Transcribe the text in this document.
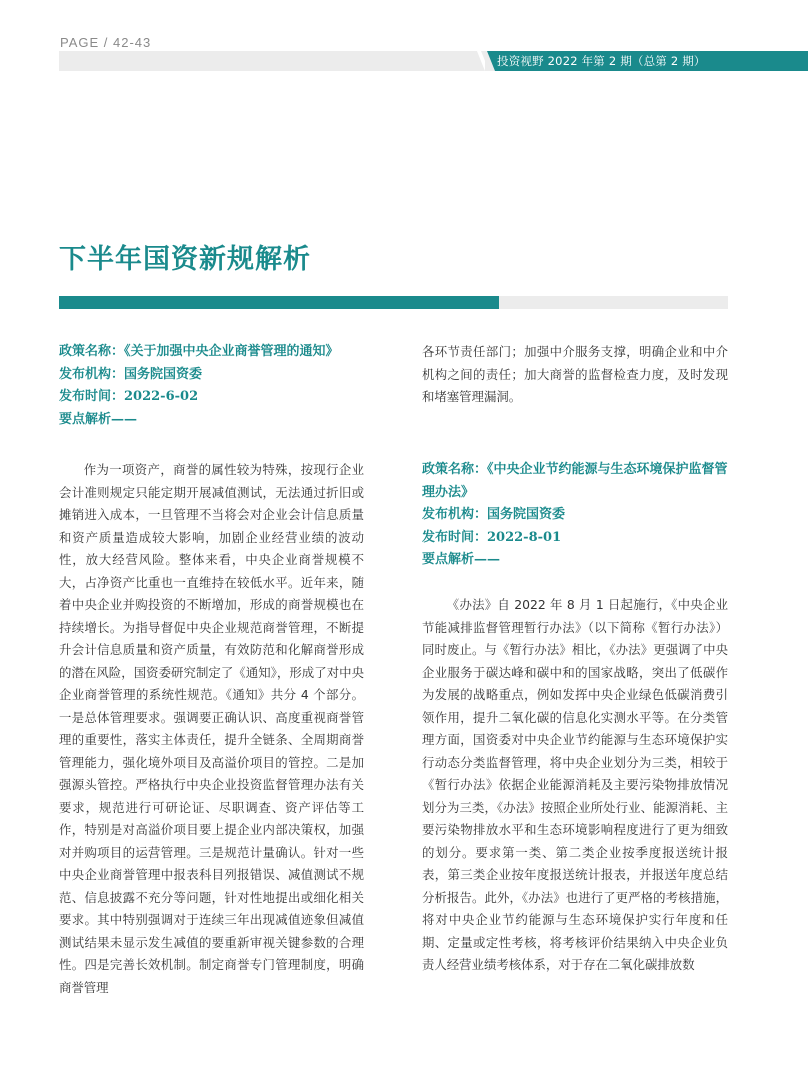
PAGE / 42-43
投资视野 2022 年第 2 期（总第 2 期）
下半年国资新规解析
政策名称：《关于加强中央企业商誉管理的通知》
发布机构：国务院国资委
发布时间：2022-6-02
要点解析——

作为一项资产，商誉的属性较为特殊，按现行企业会计准则规定只能定期开展减值测试，无法通过折旧或摊销进入成本，一旦管理不当将会对企业会计信息质量和资产质量造成较大影响，加剧企业经营业绩的波动性，放大经营风险。整体来看，中央企业商誉规模不大，占净资产比重也一直维持在较低水平。近年来，随着中央企业并购投资的不断增加，形成的商誉规模也在持续增长。为指导督促中央企业规范商誉管理，不断提升会计信息质量和资产质量，有效防范和化解商誉形成的潜在风险，国资委研究制定了《通知》，形成了对中央企业商誉管理的系统性规范。《通知》共分 4 个部分。一是总体管理要求。强调要正确认识、高度重视商誉管理的重要性，落实主体责任，提升全链条、全周期商誉管理能力，强化境外项目及高溢价项目的管控。二是加强源头管控。严格执行中央企业投资监督管理办法有关要求，规范进行可研论证、尽职调查、资产评估等工作，特别是对高溢价项目要上提企业内部决策权，加强对并购项目的运营管理。三是规范计量确认。针对一些中央企业商誉管理中报表科目列报错误、减值测试不规范、信息披露不充分等问题，针对性地提出或细化相关要求。其中特别强调对于连续三年出现减值迹象但减值测试结果未显示发生减值的要重新审视关键参数的合理性。四是完善长效机制。制定商誉专门管理制度，明确商誉管理

各环节责任部门；加强中介服务支撑，明确企业和中介机构之间的责任；加大商誉的监督检查力度，及时发现和堵塞管理漏洞。

政策名称：《中央企业节约能源与生态环境保护监督管理办法》
发布机构：国务院国资委
发布时间：2022-8-01
要点解析——

《办法》自 2022 年 8 月 1 日起施行，《中央企业节能减排监督管理暂行办法》（以下简称《暂行办法》）同时废止。与《暂行办法》相比，《办法》更强调了中央企业服务于碳达峰和碳中和的国家战略，突出了低碳作为发展的战略重点，例如发挥中央企业绿色低碳消费引领作用，提升二氧化碳的信息化实测水平等。在分类管理方面，国资委对中央企业节约能源与生态环境保护实行动态分类监督管理，将中央企业划分为三类，相较于《暂行办法》依据企业能源消耗及主要污染物排放情况划分为三类，《办法》按照企业所处行业、能源消耗、主要污染物排放水平和生态环境影响程度进行了更为细致的划分。要求第一类、第二类企业按季度报送统计报表，第三类企业按年度报送统计报表，并报送年度总结分析报告。此外，《办法》也进行了更严格的考核措施，将对中央企业节约能源与生态环境保护实行年度和任期、定量或定性考核，将考核评价结果纳入中央企业负责人经营业绩考核体系，对于存在二氧化碳排放数
